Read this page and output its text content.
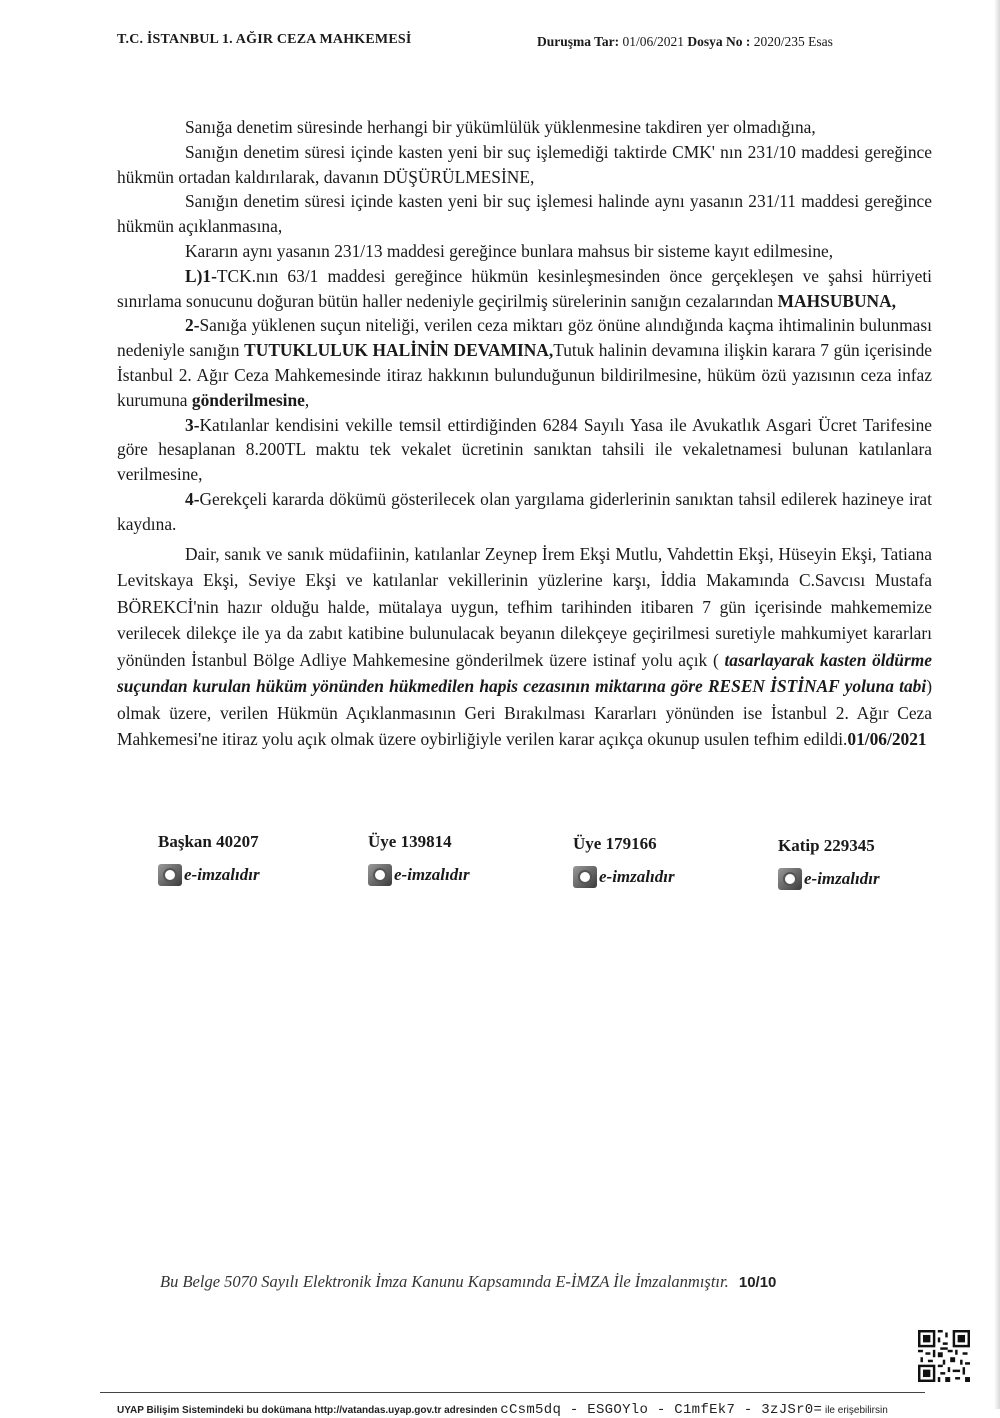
T.C. İSTANBUL 1. AĞIR CEZA MAHKEMESİ	Duruşma Tar: 01/06/2021 Dosya No : 2020/235 Esas

Sanığa denetim süresinde herhangi bir yükümlülük yüklenmesine takdiren yer olmadığına,

Sanığın denetim süresi içinde kasten yeni bir suç işlemediği taktirde CMK' nın 231/10 maddesi gereğince hükmün ortadan kaldırılarak, davanın DÜŞÜRÜLMESİNE,

Sanığın denetim süresi içinde kasten yeni bir suç işlemesi halinde aynı yasanın 231/11 maddesi gereğince hükmün açıklanmasına,

Kararın aynı yasanın 231/13 maddesi gereğince bunlara mahsus bir sisteme kayıt edilmesine,

L)1-TCK.nın 63/1 maddesi gereğince hükmün kesinleşmesinden önce gerçekleşen ve şahsi hürriyeti sınırlama sonucunu doğuran bütün haller nedeniyle geçirilmiş sürelerinin sanığın cezalarından MAHSUBUNA,

2-Sanığa yüklenen suçun niteliği, verilen ceza miktarı göz önüne alındığında kaçma ihtimalinin bulunması nedeniyle sanığın TUTUKLULUK HALİNİN DEVAMINA,Tutuk halinin devamına ilişkin karara 7 gün içerisinde İstanbul 2. Ağır Ceza Mahkemesinde itiraz hakkının bulunduğunun bildirilmesine, hüküm özü yazısının ceza infaz kurumuna gönderilmesine,

3-Katılanlar kendisini vekille temsil ettirdiğinden 6284 Sayılı Yasa ile Avukatlık Asgari Ücret Tarifesine göre hesaplanan 8.200TL maktu tek vekalet ücretinin sanıktan tahsili ile vekaletnamesi bulunan katılanlara verilmesine,

4-Gerekçeli kararda dökümü gösterilecek olan yargılama giderlerinin sanıktan tahsil edilerek hazineye irat kaydına.

Dair, sanık ve sanık müdafiinin, katılanlar Zeynep İrem Ekşi Mutlu, Vahdettin Ekşi, Hüseyin Ekşi, Tatiana Levitskaya Ekşi, Seviye Ekşi ve katılanlar vekillerinin yüzlerine karşı, İddia Makamında C.Savcısı Mustafa BÖREKCİ'nin hazır olduğu halde, mütalaya uygun, tefhim tarihinden itibaren 7 gün içerisinde mahkememize verilecek dilekçe ile ya da zabıt katibine bulunulacak beyanın dilekçeye geçirilmesi suretiyle mahkumiyet kararları yönünden İstanbul Bölge Adliye Mahkemesine gönderilmek üzere istinaf yolu açık ( tasarlayarak kasten öldürme suçundan kurulan hüküm yönünden hükmedilen hapis cezasının miktarına göre RESEN İSTİNAF yoluna tabi) olmak üzere, verilen Hükmün Açıklanmasının Geri Bırakılması Kararları yönünden ise İstanbul 2. Ağır Ceza Mahkemesi'ne itiraz yolu açık olmak üzere oybirliğiyle verilen karar açıkça okunup usulen tefhim edildi.01/06/2021

Başkan 40207
e-imzalıdır
Üye 139814
e-imzalıdır
Üye 179166
e-imzalıdır
Katip 229345
e-imzalıdır
Bu Belge 5070 Sayılı Elektronik İmza Kanunu Kapsamında E-İMZA İle İmzalanmıştır. 10/10
UYAP Bilişim Sistemindeki bu dokümana http://vatandas.uyap.gov.tr adresinden cCsm5dq - ESGOYlo - C1mfEk7 - 3zJSr0= ile erişebilirsin
